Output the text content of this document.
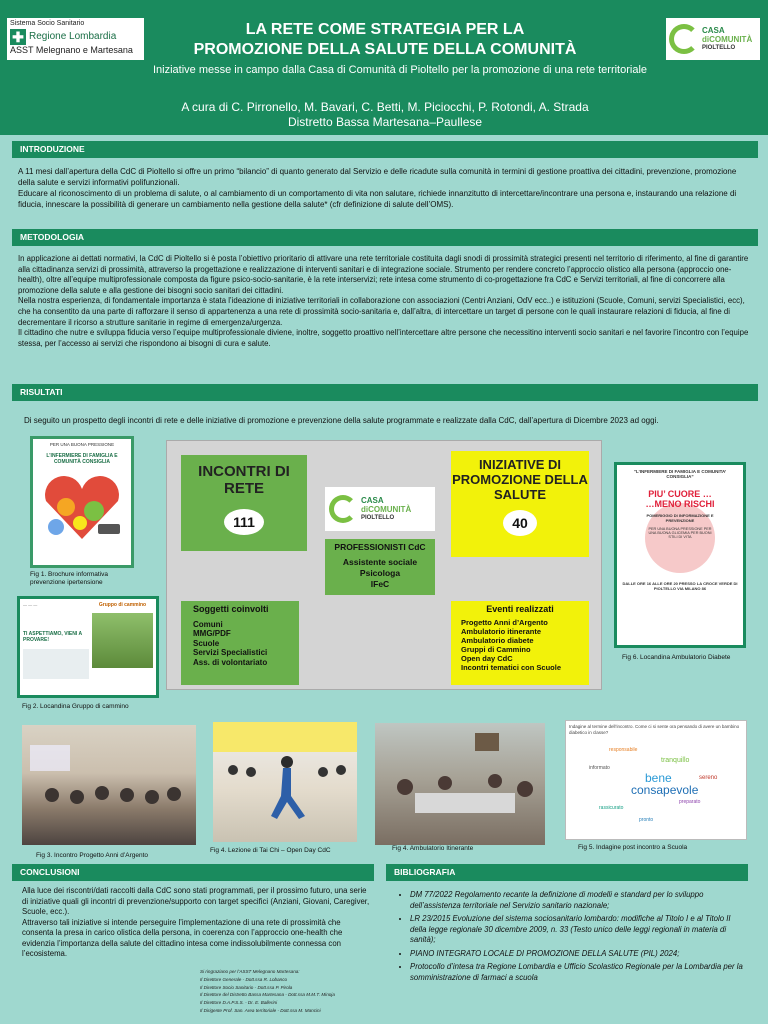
Sistema Socio Sanitario
✚ Regione Lombardia
ASST Melegnano e Martesana
LA RETE COME STRATEGIA PER LA
PROMOZIONE DELLA SALUTE DELLA COMUNITÀ
Iniziative messe in campo dalla Casa di Comunità di Pioltello per la promozione di una rete territoriale
A cura di C. Pirronello, M. Bavari, C. Betti, M. Piciocchi, P. Rotondi, A. Strada
Distretto Bassa Martesana–Paullese
CASA
diCOMUNITÀ
PIOLTELLO
INTRODUZIONE
A 11 mesi dall’apertura della CdC di Pioltello si offre un primo “bilancio” di quanto generato dal Servizio e delle ricadute sulla comunità in termini di gestione proattiva dei cittadini, prevenzione, promozione della salute e servizi informativi polifunzionali.
Educare al riconoscimento di un problema di salute, o al cambiamento di un comportamento di vita non salutare, richiede innanzitutto di intercettare/incontrare una persona e, instaurando una relazione di fiducia, innescare la possibilità di generare un cambiamento nella gestione della salute* (cfr definizione di salute dell’OMS).
METODOLOGIA
In applicazione ai dettati normativi, la CdC di Pioltello si è posta l’obiettivo prioritario di attivare una rete territoriale costituita dagli snodi di prossimità strategici presenti nel territorio di riferimento, al fine di garantire alla cittadinanza servizi di prossimità, attraverso la progettazione e realizzazione di interventi sanitari e di integrazione sociale. Strumento per rendere concreto l’approccio olistico alla persona (approccio one-health), oltre all’equipe multiprofessionale composta da figure psico-socio-sanitarie, è la rete interservizi; rete intesa come strumento di co-progettazione fra CdC e Servizi territoriali, al fine di concorrere alla promozione della salute e alla gestione dei bisogni socio sanitari dei cittadini.
Nella nostra esperienza, di fondamentale importanza è stata l’ideazione di iniziative territoriali in collaborazione con associazioni (Centri Anziani, OdV ecc..) e istituzioni (Scuole, Comuni, servizi Specialistici, ecc), che ha consentito da una parte di rafforzare il senso di appartenenza a una rete di prossimità socio-sanitaria e, dall’altra, di intercettare un target di persone con le quali instaurare relazioni di fiducia, al fine di decrementare il ricorso a strutture sanitarie in regime di emergenza/urgenza.
Il cittadino che nutre e sviluppa fiducia verso l’equipe multiprofessionale diviene, inoltre, soggetto proattivo nell’intercettare altre persone che necessitino interventi socio sanitari e nel favorire l’incontro con l’equipe stessa, per l’accesso ai servizi che rispondono ai bisogni di cura e salute.
RISULTATI
Di seguito un prospetto degli incontri di rete e delle iniziative di promozione e prevenzione della salute programmate e realizzate dalla CdC, dall’apertura di Dicembre 2023 ad oggi.
PER UNA BUONA PRESSIONE
L’INFERMIERE DI FAMIGLIA E COMUNITÀ CONSIGLIA
Fig 1. Brochure informativa prevenzione ipertensione
— — —
TI ASPETTIAMO, VIENI A PROVARE!
Gruppo di cammino
Fig 2. Locandina Gruppo di cammino
INCONTRI DI RETE
111
INIZIATIVE DI PROMOZIONE DELLA SALUTE
40
CASA
diCOMUNITÀ
PIOLTELLO
PROFESSIONISTI CdC
Assistente sociale
Psicologa
IFeC
Soggetti coinvolti
Comuni
MMG/PDF
Scuole
Servizi Specialistici
Ass. di volontariato
Eventi realizzati
Progetto Anni d’Argento
Ambulatorio itinerante
Ambulatorio diabete
Gruppi di Cammino
Open day CdC
Incontri tematici con Scuole
“L’INFERMIERE DI FAMIGLIA E COMUNITA’ CONSIGLIA”
PIU’ CUORE …
…MENO RISCHI
POMERIGGIO DI INFORMAZIONE E PREVENZIONE
PER UNA BUONA PRESSIONE PER UNA BUONA GLICEMIA PER BUONI STILI DI VITA
DALLE ORE 16 ALLE ORE 20 PRESSO LA CROCE VERDE DI PIOLTELLO VIA MILANO 86
Fig 6. Locandina Ambulatorio Diabete
Fig 3. Incontro Progetto Anni d’Argento
Fig 4. Lezione di Tai Chi – Open Day CdC	Fig 4. Ambulatorio Itinerante
Indagine al termine dell’incontro. Come ci si sente ora pensando di avere un bambino diabetico in classe?
consapevole
bene
tranquillo
responsabile
preparato
rassicurato
sereno
informato
pronto
Fig 5. Indagine post incontro a Scuola
CONCLUSIONI
Alla luce dei riscontri/dati raccolti dalla CdC sono stati programmati, per il prossimo futuro, una serie di iniziative quali gli incontri di prevenzione/supporto con target specifici (Anziani, Giovani, Caregiver, Scuole, ecc.).
Attraverso tali iniziative si intende perseguire l’implementazione di una rete di prossimità che consenta la presa in carico olistica della persona, in coerenza con l’approccio one-health che evidenzia l’importanza della salute del cittadino intesa come indissolubilmente connessa con l’ecosistema.
Si ringraziano per l’ASST Melegnano Martesana:
Il Direttore Generale - Dott.ssa R. Lobanco
Il Direttore Socio Sanitario - Dott.ssa P. Pirola
Il Direttore del Distretto Bassa Martesana - Dott.ssa M.M.T. Minoja
Il Direttore D.A.P.S.S. - Dr. E. Ballerini
Il Dirigente Prof. San. Area territoriale - Dott.ssa M. Mancini
BIBLIOGRAFIA
• DM 77/2022 Regolamento recante la definizione di modelli e standard per lo sviluppo dell’assistenza territoriale nel Servizio sanitario nazionale;
• LR 23/2015 Evoluzione del sistema sociosanitario lombardo: modifiche al Titolo I e al Titolo II della legge regionale 30 dicembre 2009, n. 33 (Testo unico delle leggi regionali in materia di sanità);
• PIANO INTEGRATO LOCALE DI PROMOZIONE DELLA SALUTE (PIL) 2024;
• Protocollo d’intesa tra Regione Lombardia e Ufficio Scolastico Regionale per la Lombardia per la somministrazione di farmaci a scuola
